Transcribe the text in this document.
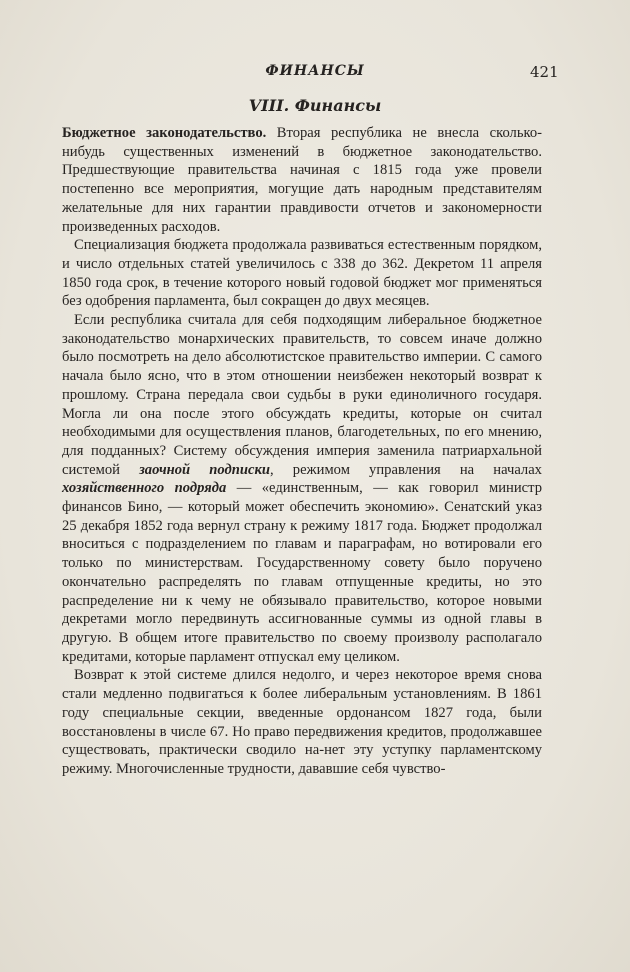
ФИНАНСЫ	421
VIII. Финансы

Бюджетное законодательство. Вторая республика не внесла сколько-нибудь существенных изменений в бюджетное законодательство. Предшествующие правительства начиная с 1815 года уже провели постепенно все мероприятия, могущие дать народным представителям желательные для них гарантии правдивости отчетов и закономерности произведенных расходов.

Специализация бюджета продолжала развиваться естественным порядком, и число отдельных статей увеличилось с 338 до 362. Декретом 11 апреля 1850 года срок, в течение которого новый годовой бюджет мог применяться без одобрения парламента, был сокращен до двух месяцев.

Если республика считала для себя подходящим либеральное бюджетное законодательство монархических правительств, то совсем иначе должно было посмотреть на дело абсолютистское правительство империи. С самого начала было ясно, что в этом отношении неизбежен некоторый возврат к прошлому. Страна передала свои судьбы в руки единоличного государя. Могла ли она после этого обсуждать кредиты, которые он считал необходимыми для осуществления планов, благодетельных, по его мнению, для подданных? Систему обсуждения империя заменила патриархальной системой заочной подписки, режимом управления на началах хозяйственного подряда — «единственным, — как говорил министр финансов Бино, — который может обеспечить экономию». Сенатский указ 25 декабря 1852 года вернул страну к режиму 1817 года. Бюджет продолжал вноситься с подразделением по главам и параграфам, но вотировали его только по министерствам. Государственному совету было поручено окончательно распределять по главам отпущенные кредиты, но это распределение ни к чему не обязывало правительство, которое новыми декретами могло передвинуть ассигнованные суммы из одной главы в другую. В общем итоге правительство по своему произволу располагало кредитами, которые парламент отпускал ему целиком.

Возврат к этой системе длился недолго, и через некоторое время снова стали медленно подвигаться к более либеральным установлениям. В 1861 году специальные секции, введенные ордонансом 1827 года, были восстановлены в числе 67. Но право передвижения кредитов, продолжавшее существовать, практически сводило на-нет эту уступку парламентскому режиму. Многочисленные трудности, дававшие себя чувство-
